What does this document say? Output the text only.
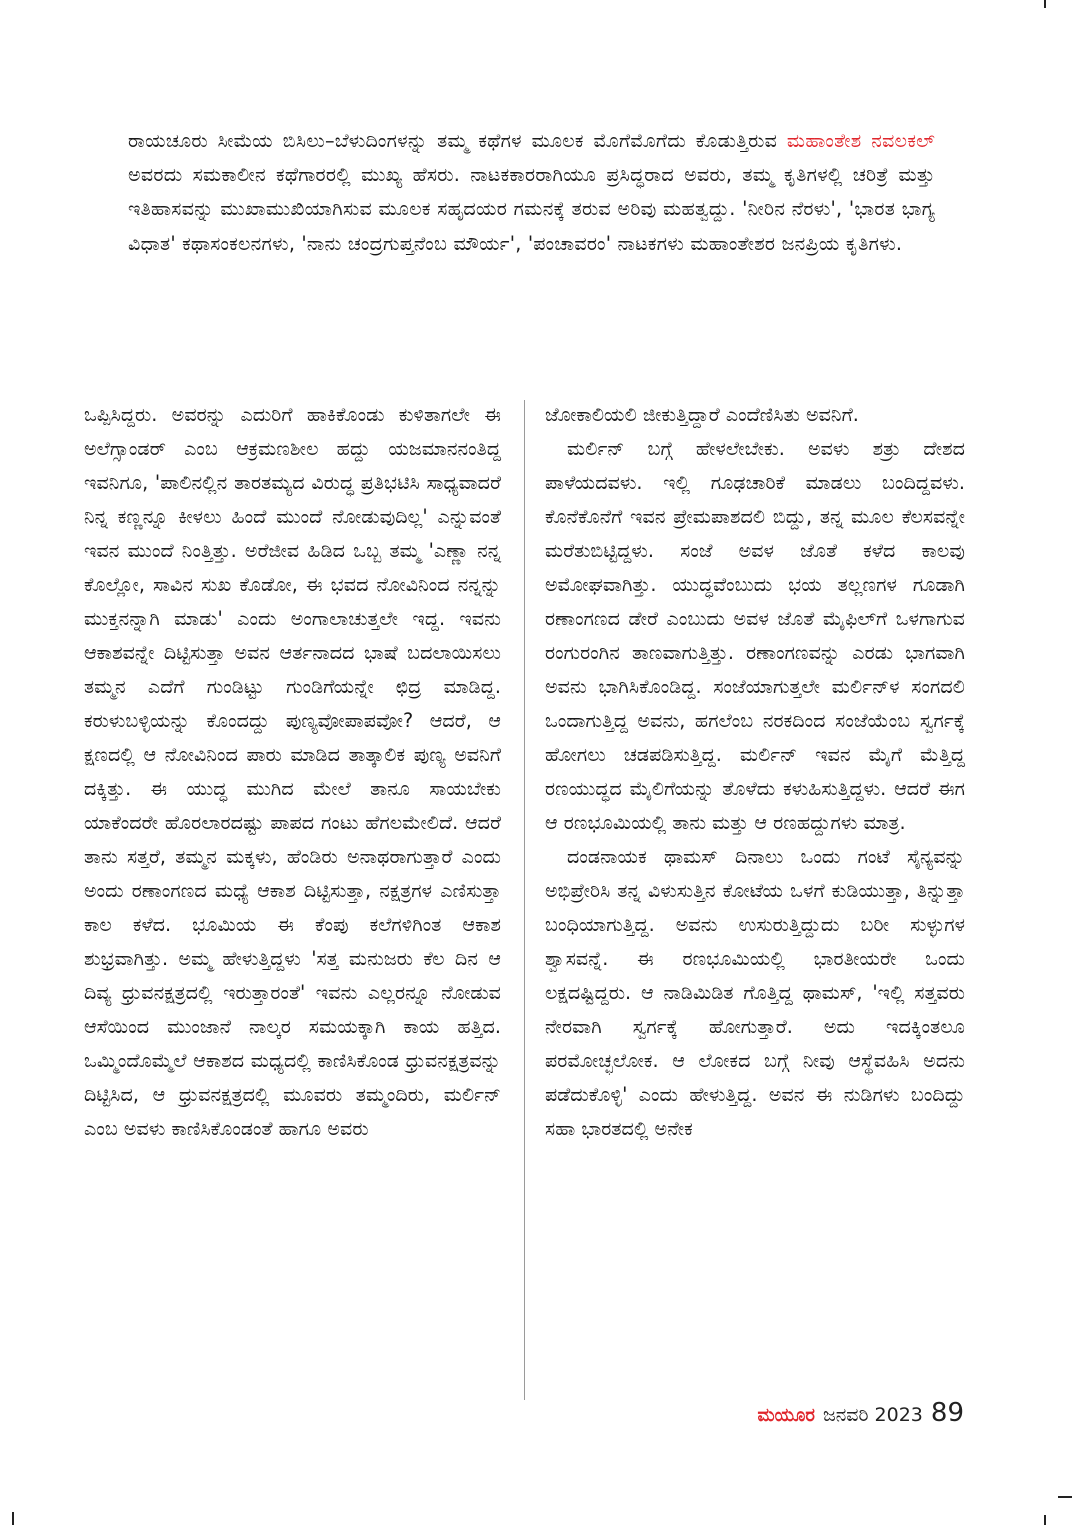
ರಾಯಚೂರು ಸೀಮೆಯ ಬಿಸಿಲು–ಬೆಳುದಿಂಗಳನ್ನು ತಮ್ಮ ಕಥೆಗಳ ಮೂಲಕ ಮೊಗೆಮೊಗೆದು ಕೊಡುತ್ತಿರುವ ಮಹಾಂತೇಶ ನವಲಕಲ್ ಅವರದು ಸಮಕಾಲೀನ ಕಥೆಗಾರರಲ್ಲಿ ಮುಖ್ಯ ಹೆಸರು. ನಾಟಕಕಾರರಾಗಿಯೂ ಪ್ರಸಿದ್ಧರಾದ ಅವರು, ತಮ್ಮ ಕೃತಿಗಳಲ್ಲಿ ಚರಿತ್ರೆ ಮತ್ತು ಇತಿಹಾಸವನ್ನು ಮುಖಾಮುಖಿಯಾಗಿಸುವ ಮೂಲಕ ಸಹೃದಯರ ಗಮನಕ್ಕೆ ತರುವ ಅರಿವು ಮಹತ್ವದ್ದು. 'ನೀರಿನ ನೆರಳು', 'ಭಾರತ ಭಾಗ್ಯ ವಿಧಾತ' ಕಥಾಸಂಕಲನಗಳು, 'ನಾನು ಚಂದ್ರಗುಪ್ತನೆಂಬ ಮೌರ್ಯ', 'ಪಂಚಾವರಂ' ನಾಟಕಗಳು ಮಹಾಂತೇಶರ ಜನಪ್ರಿಯ ಕೃತಿಗಳು.

ಒಪ್ಪಿಸಿದ್ದರು. ಅವರನ್ನು ಎದುರಿಗೆ ಹಾಕಿಕೊಂಡು ಕುಳಿತಾಗಲೇ ಈ ಅಲೆಗ್ಸಾಂಡರ್ ಎಂಬ ಆಕ್ರಮಣಶೀಲ ಹದ್ದು ಯಜಮಾನನಂತಿದ್ದ ಇವನಿಗೂ, 'ಪಾಲಿನಲ್ಲಿನ ತಾರತಮ್ಯದ ವಿರುದ್ಧ ಪ್ರತಿಭಟಿಸಿ ಸಾಧ್ಯವಾದರೆ ನಿನ್ನ ಕಣ್ಣನ್ನೂ ಕೀಳಲು ಹಿಂದೆ ಮುಂದೆ ನೋಡುವುದಿಲ್ಲ' ಎನ್ನುವಂತೆ ಇವನ ಮುಂದೆ ನಿಂತ್ತಿತ್ತು. ಅರೆಜೀವ ಹಿಡಿದ ಒಬ್ಬ ತಮ್ಮ 'ಎಣ್ಣಾ ನನ್ನ ಕೊಲ್ಲೋ, ಸಾವಿನ ಸುಖ ಕೊಡೋ, ಈ ಭವದ ನೋವಿನಿಂದ ನನ್ನನ್ನು ಮುಕ್ತನನ್ನಾಗಿ ಮಾಡು' ಎಂದು ಅಂಗಾಲಾಚುತ್ತಲೇ ಇದ್ದ. ಇವನು ಆಕಾಶವನ್ನೇ ದಿಟ್ಟಿಸುತ್ತಾ ಅವನ ಆರ್ತನಾದದ ಭಾಷೆ ಬದಲಾಯಿಸಲು ತಮ್ಮನ ಎದೆಗೆ ಗುಂಡಿಟ್ಟು ಗುಂಡಿಗೆಯನ್ನೇ ಛಿದ್ರ ಮಾಡಿದ್ದ. ಕರುಳುಬಳ್ಳಿಯನ್ನು ಕೊಂದದ್ದು ಪುಣ್ಯವೋಪಾಪವೋ? ಆದರೆ, ಆ ಕ್ಷಣದಲ್ಲಿ ಆ ನೋವಿನಿಂದ ಪಾರು ಮಾಡಿದ ತಾತ್ಕಾಲಿಕ ಪುಣ್ಯ ಅವನಿಗೆ ದಕ್ಕಿತ್ತು. ಈ ಯುದ್ಧ ಮುಗಿದ ಮೇಲೆ ತಾನೂ ಸಾಯಬೇಕು ಯಾಕೆಂದರೇ ಹೊರಲಾರದಷ್ಟು ಪಾಪದ ಗಂಟು ಹೆಗಲಮೇಲಿದೆ. ಆದರೆ ತಾನು ಸತ್ತರೆ, ತಮ್ಮನ ಮಕ್ಕಳು, ಹೆಂಡಿರು ಅನಾಥರಾಗುತ್ತಾರೆ ಎಂದು ಅಂದು ರಣಾಂಗಣದ ಮಧ್ಯೆ ಆಕಾಶ ದಿಟ್ಟಿಸುತ್ತಾ, ನಕ್ಷತ್ರಗಳ ಎಣಿಸುತ್ತಾ ಕಾಲ ಕಳೆದ. ಭೂಮಿಯ ಈ ಕೆಂಪು ಕಲೆಗಳಿಗಿಂತ ಆಕಾಶ ಶುಭ್ರವಾಗಿತ್ತು. ಅಮ್ಮ ಹೇಳುತ್ತಿದ್ದಳು 'ಸತ್ತ ಮನುಜರು ಕೆಲ ದಿನ ಆ ದಿವ್ಯ ಧ್ರುವನಕ್ಷತ್ರದಲ್ಲಿ ಇರುತ್ತಾರಂತೆ' ಇವನು ಎಲ್ಲರನ್ನೂ ನೋಡುವ ಆಸೆಯಿಂದ ಮುಂಜಾನೆ ನಾಲ್ಕರ ಸಮಯಕ್ಕಾಗಿ ಕಾಯ ಹತ್ತಿದ. ಒಮ್ಮಿಂದೊಮ್ಮೆಲೆ ಆಕಾಶದ ಮಧ್ಯದಲ್ಲಿ ಕಾಣಿಸಿಕೊಂಡ ಧ್ರುವನಕ್ಷತ್ರವನ್ನು ದಿಟ್ಟಿಸಿದ, ಆ ಧ್ರುವನಕ್ಷತ್ರದಲ್ಲಿ ಮೂವರು ತಮ್ಮಂದಿರು, ಮರ್ಲಿನ್ ಎಂಬ ಅವಳು ಕಾಣಿಸಿಕೊಂಡಂತೆ ಹಾಗೂ ಅವರು

ಜೋಕಾಲಿಯಲಿ ಜೀಕುತ್ತಿದ್ದಾರೆ ಎಂದೆಣಿಸಿತು ಅವನಿಗೆ.

ಮರ್ಲಿನ್ ಬಗ್ಗೆ ಹೇಳಲೇಬೇಕು. ಅವಳು ಶತ್ರು ದೇಶದ ಪಾಳೆಯದವಳು. ಇಲ್ಲಿ ಗೂಢಚಾರಿಕೆ ಮಾಡಲು ಬಂದಿದ್ದವಳು. ಕೊನೆಕೊನೆಗೆ ಇವನ ಪ್ರೇಮಪಾಶದಲಿ ಬಿದ್ದು, ತನ್ನ ಮೂಲ ಕೆಲಸವನ್ನೇ ಮರೆತುಬಿಟ್ಟಿದ್ದಳು. ಸಂಜೆ ಅವಳ ಜೊತೆ ಕಳೆದ ಕಾಲವು ಅಮೋಘವಾಗಿತ್ತು. ಯುದ್ಧವೆಂಬುದು ಭಯ ತಲ್ಲಣಗಳ ಗೂಡಾಗಿ ರಣಾಂಗಣದ ಡೇರೆ ಎಂಬುದು ಅವಳ ಜೊತೆ ಮೈಫಿಲ್‌ಗೆ ಒಳಗಾಗುವ ರಂಗುರಂಗಿನ ತಾಣವಾಗುತ್ತಿತ್ತು. ರಣಾಂಗಣವನ್ನು ಎರಡು ಭಾಗವಾಗಿ ಅವನು ಭಾಗಿಸಿಕೊಂಡಿದ್ದ. ಸಂಜೆಯಾಗುತ್ತಲೇ ಮರ್ಲಿನ್‌ಳ ಸಂಗದಲಿ ಒಂದಾಗುತ್ತಿದ್ದ ಅವನು, ಹಗಲೆಂಬ ನರಕದಿಂದ ಸಂಜೆಯೆಂಬ ಸ್ವರ್ಗಕ್ಕೆ ಹೋಗಲು ಚಡಪಡಿಸುತ್ತಿದ್ದ. ಮರ್ಲಿನ್ ಇವನ ಮೈಗೆ ಮೆತ್ತಿದ್ದ ರಣಯುದ್ಧದ ಮೈಲಿಗೆಯನ್ನು ತೊಳೆದು ಕಳುಹಿಸುತ್ತಿದ್ದಳು. ಆದರೆ ಈಗ ಆ ರಣಭೂಮಿಯಲ್ಲಿ ತಾನು ಮತ್ತು ಆ ರಣಹದ್ದುಗಳು ಮಾತ್ರ.

ದಂಡನಾಯಕ ಥಾಮಸ್ ದಿನಾಲು ಒಂದು ಗಂಟೆ ಸೈನ್ಯವನ್ನು ಅಭಿಪ್ರೇರಿಸಿ ತನ್ನ ವಿಳುಸುತ್ತಿನ ಕೋಟೆಯ ಒಳಗೆ ಕುಡಿಯುತ್ತಾ, ತಿನ್ನುತ್ತಾ ಬಂಧಿಯಾಗುತ್ತಿದ್ದ. ಅವನು ಉಸುರುತ್ತಿದ್ದುದು ಬರೀ ಸುಳ್ಳುಗಳ ಶ್ವಾಸವನ್ನೆ. ಈ ರಣಭೂಮಿಯಲ್ಲಿ ಭಾರತೀಯರೇ ಒಂದು ಲಕ್ಷದಷ್ಟಿದ್ದರು. ಆ ನಾಡಿಮಿಡಿತ ಗೊತ್ತಿದ್ದ ಥಾಮಸ್, 'ಇಲ್ಲಿ ಸತ್ತವರು ನೇರವಾಗಿ ಸ್ವರ್ಗಕ್ಕೆ ಹೋಗುತ್ತಾರೆ. ಅದು ಇದಕ್ಕಿಂತಲೂ ಪರಮೋಚ್ಛಲೋಕ. ಆ ಲೋಕದ ಬಗ್ಗೆ ನೀವು ಆಸ್ಥೆವಹಿಸಿ ಅದನು ಪಡೆದುಕೊಳ್ಳಿ' ಎಂದು ಹೇಳುತ್ತಿದ್ದ. ಅವನ ಈ ನುಡಿಗಳು ಬಂದಿದ್ದು ಸಹಾ ಭಾರತದಲ್ಲಿ ಅನೇಕ

ಮಯೂರ ಜನವರಿ 2023 89
